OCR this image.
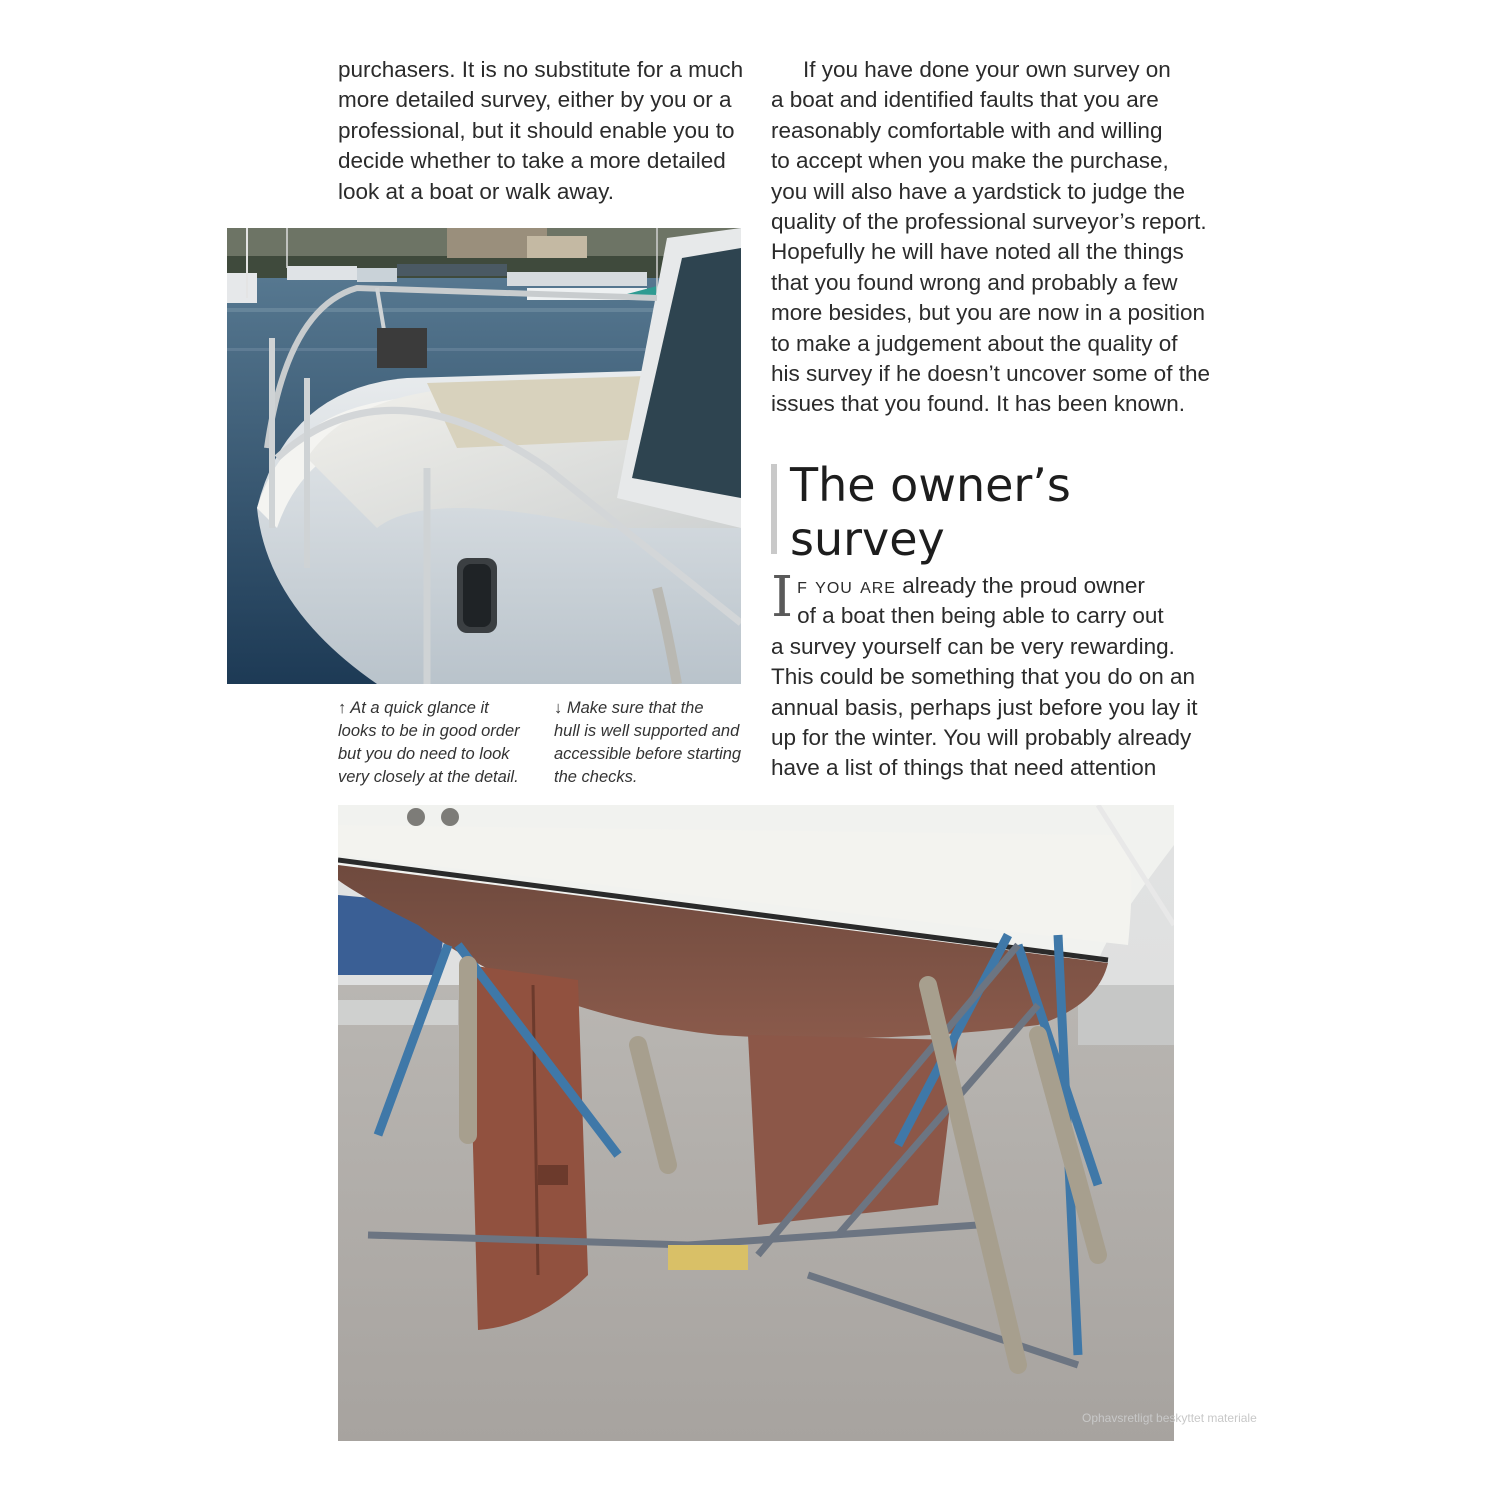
purchasers. It is no substitute for a much
more detailed survey, either by you or a
professional, but it should enable you to
decide whether to take a more detailed
look at a boat or walk away.
If you have done your own survey on
a boat and identified faults that you are
reasonably comfortable with and willing
to accept when you make the purchase,
you will also have a yardstick to judge the
quality of the professional surveyor’s report.
Hopefully he will have noted all the things
that you found wrong and probably a few
more besides, but you are now in a position
to make a judgement about the quality of
his survey if he doesn’t uncover some of the
issues that you found. It has been known.
The owner’s
survey
I f you are already the proud owner
of a boat then being able to carry out
a survey yourself can be very rewarding.
This could be something that you do on an
annual basis, perhaps just before you lay it
up for the winter. You will probably already
have a list of things that need attention
↑ At a quick glance it
looks to be in good order
but you do need to look
very closely at the detail.
↓ Make sure that the
hull is well supported and
accessible before starting
the checks.
Ophavsretligt beskyttet materiale
